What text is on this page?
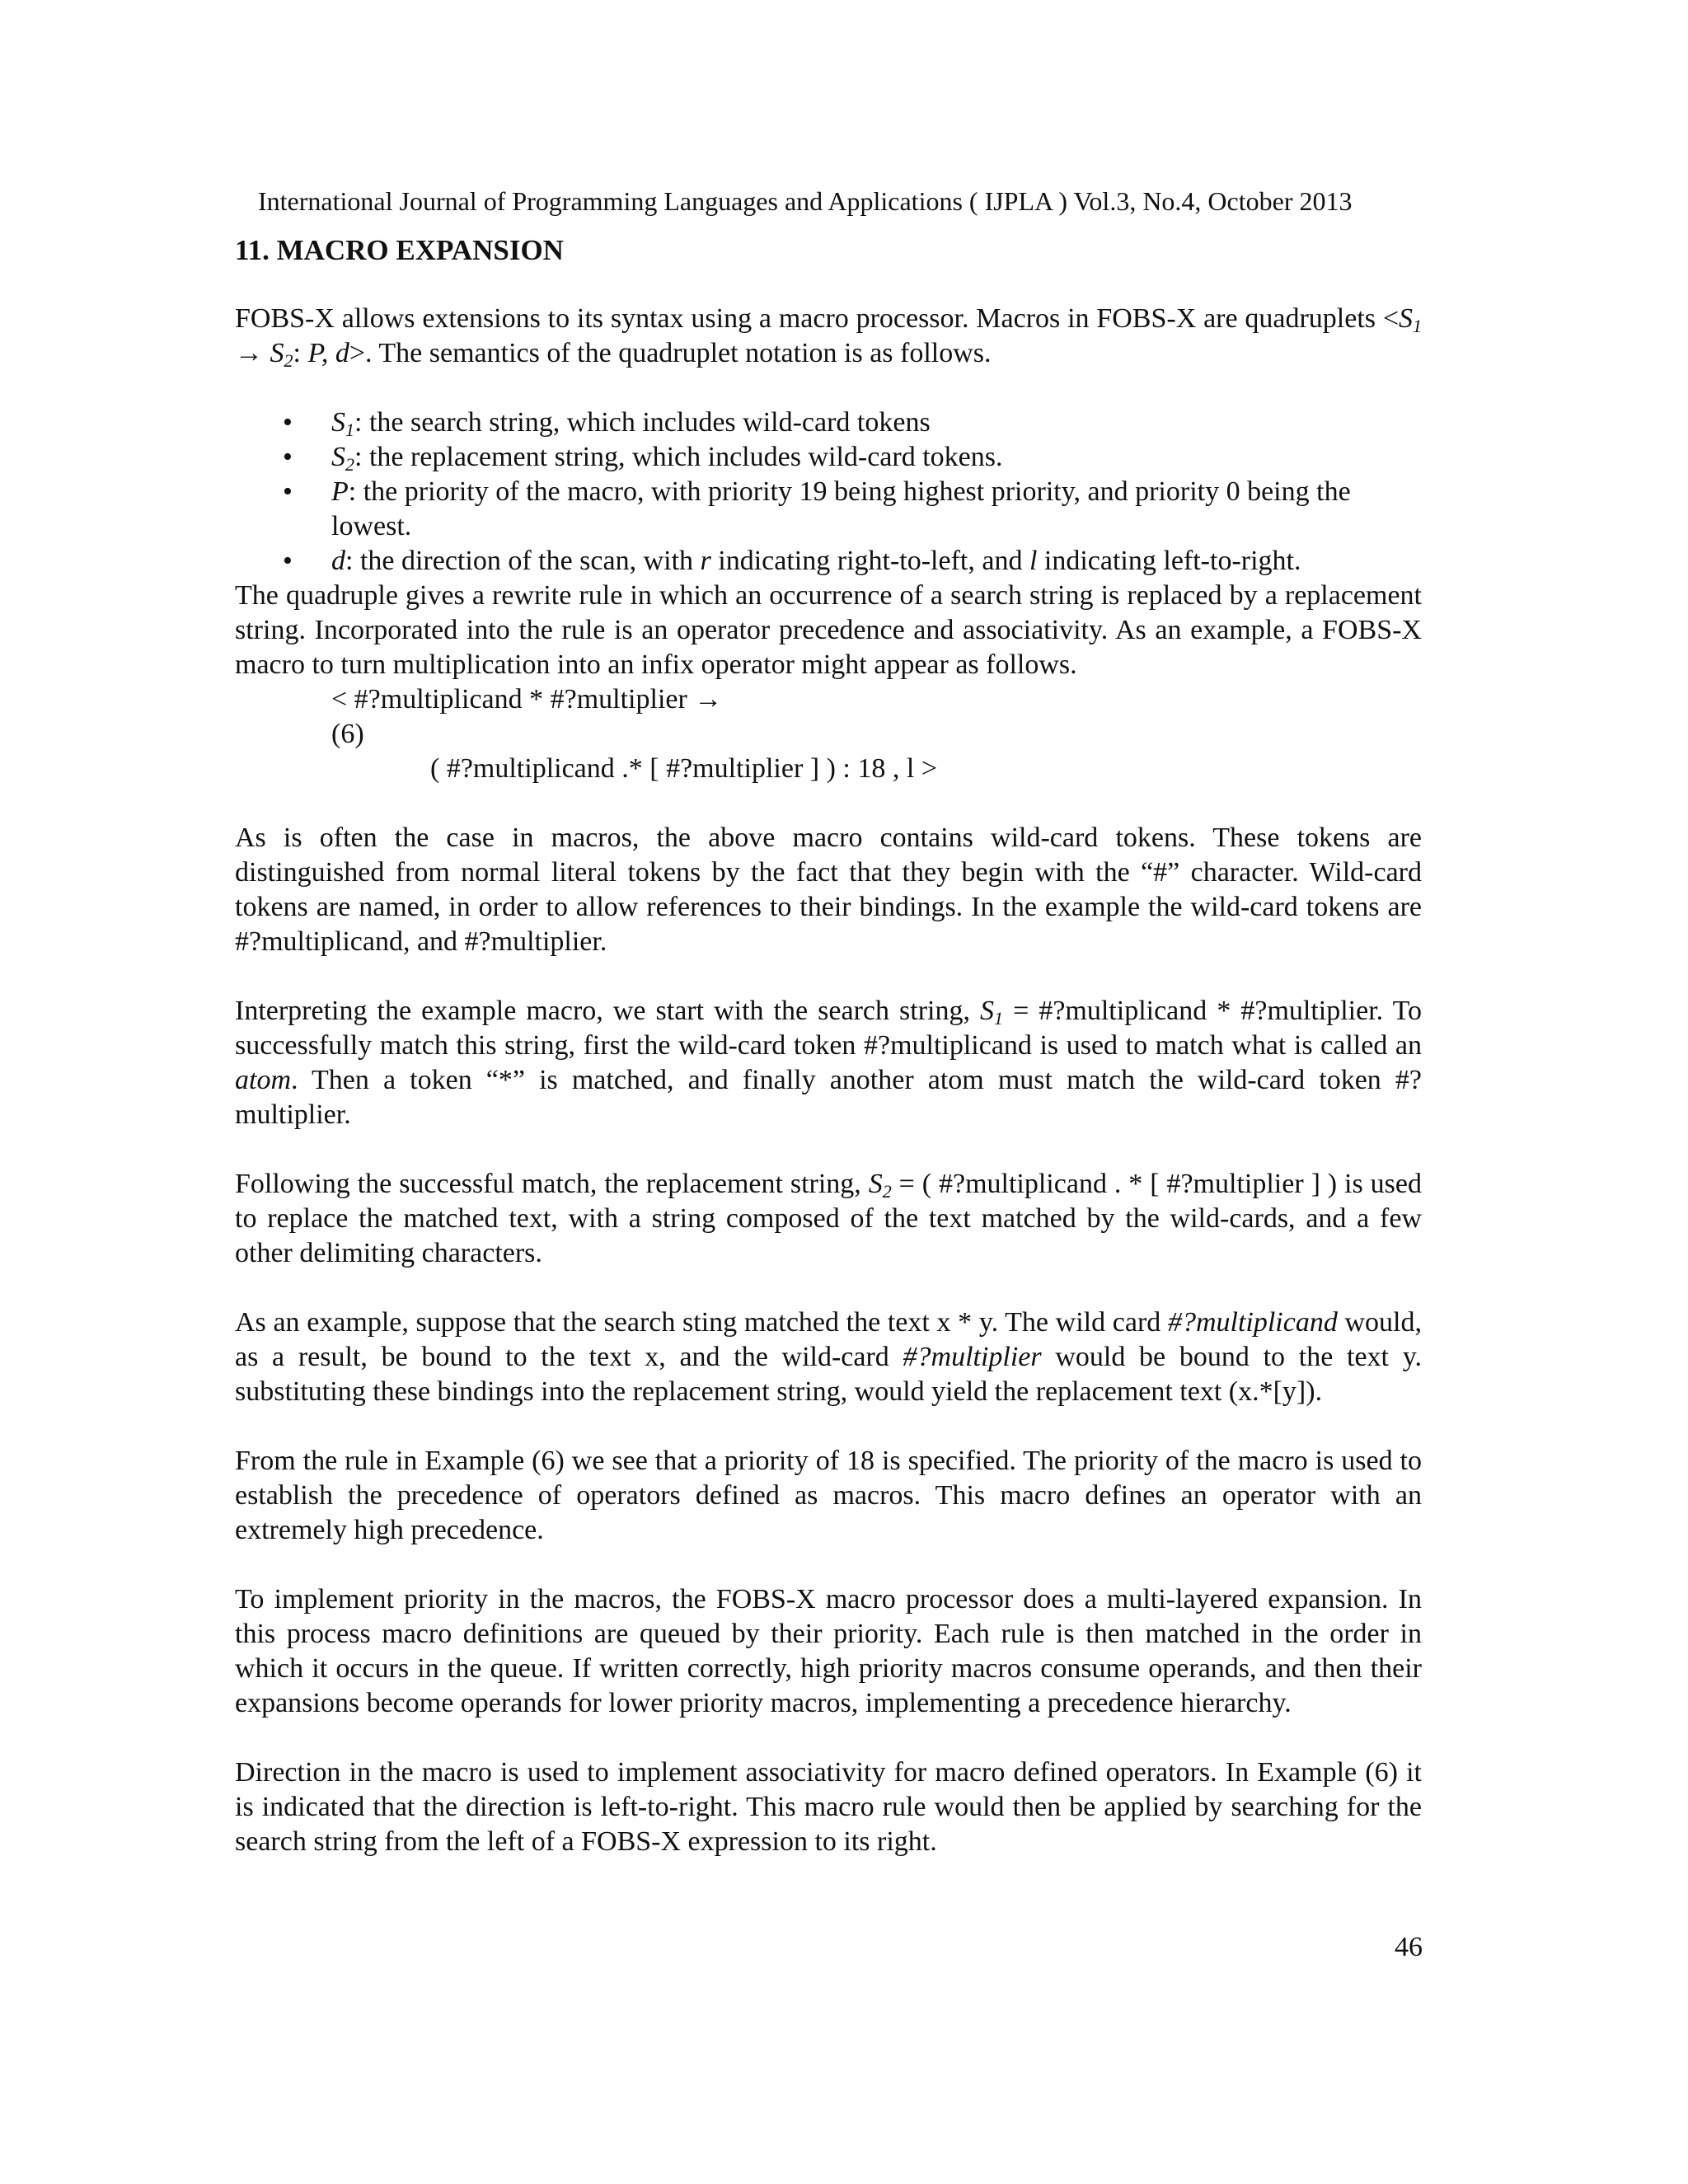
International Journal of Programming Languages and Applications ( IJPLA ) Vol.3, No.4, October 2013
11. MACRO EXPANSION

FOBS-X allows extensions to its syntax using a macro processor. Macros in FOBS-X are quadruplets $<S_1 \to S_2$: P, d>. The semantics of the quadruplet notation is as follows.

• $S_1$: the search string, which includes wild-card tokens
• $S_2$: the replacement string, which includes wild-card tokens.
• P: the priority of the macro, with priority 19 being highest priority, and priority 0 being the lowest.
• d: the direction of the scan, with r indicating right-to-left, and l indicating left-to-right.

The quadruple gives a rewrite rule in which an occurrence of a search string is replaced by a replacement string. Incorporated into the rule is an operator precedence and associativity. As an example, a FOBS-X macro to turn multiplication into an infix operator might appear as follows.

< #?multiplicand * #?multiplier →
(6)
( #?multiplicand .* [ #?multiplier ] ) : 18 , l >

As is often the case in macros, the above macro contains wild-card tokens. These tokens are distinguished from normal literal tokens by the fact that they begin with the “#” character. Wild-card tokens are named, in order to allow references to their bindings. In the example the wild-card tokens are #?multiplicand, and #?multiplier.

Interpreting the example macro, we start with the search string, $S_1$ = #?multiplicand * #?multiplier. To successfully match this string, first the wild-card token #?multiplicand is used to match what is called an atom. Then a token “*” is matched, and finally another atom must match the wild-card token #?multiplier.

Following the successful match, the replacement string, $S_2$ = ( #?multiplicand . * [ #?multiplier ] ) is used to replace the matched text, with a string composed of the text matched by the wild-cards, and a few other delimiting characters.

As an example, suppose that the search sting matched the text x * y. The wild card #?multiplicand would, as a result, be bound to the text x, and the wild-card #?multiplier would be bound to the text y. substituting these bindings into the replacement string, would yield the replacement text (x.*[y]).

From the rule in Example (6) we see that a priority of 18 is specified. The priority of the macro is used to establish the precedence of operators defined as macros. This macro defines an operator with an extremely high precedence.

To implement priority in the macros, the FOBS-X macro processor does a multi-layered expansion. In this process macro definitions are queued by their priority. Each rule is then matched in the order in which it occurs in the queue. If written correctly, high priority macros consume operands, and then their expansions become operands for lower priority macros, implementing a precedence hierarchy.

Direction in the macro is used to implement associativity for macro defined operators. In Example (6) it is indicated that the direction is left-to-right. This macro rule would then be applied by searching for the search string from the left of a FOBS-X expression to its right.

46
